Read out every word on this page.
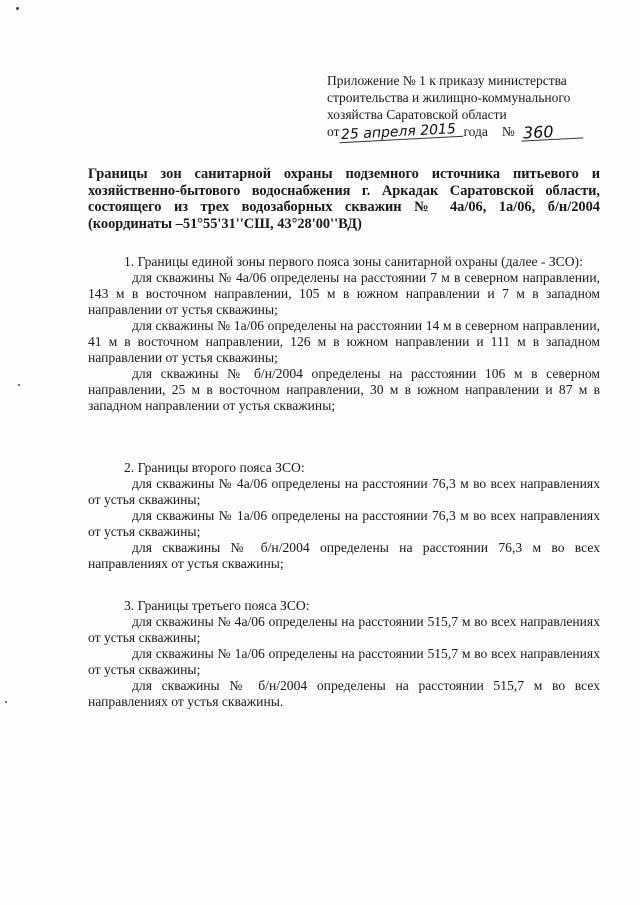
Приложение № 1 к приказу министерства
строительства и жилищно-коммунального
хозяйства Саратовской области
от 25 апреля 2015 года № 360
Границы зон санитарной охраны подземного источника питьевого и
хозяйственно-бытового водоснабжения г. Аркадак Саратовской области,
состоящего из трех водозаборных скважин № 4а/06, 1а/06, б/н/2004
(координаты –51°55'31''СШ, 43°28'00''ВД)

1. Границы единой зоны первого пояса зоны санитарной охраны (далее - ЗСО):

для скважины № 4а/06 определены на расстоянии 7 м в северном направлении, 143 м в восточном направлении, 105 м в южном направлении и 7 м в западном направлении от устья скважины;

для скважины № 1а/06 определены на расстоянии 14 м в северном направлении, 41 м в восточном направлении, 126 м в южном направлении и 111 м в западном направлении от устья скважины;

для скважины № б/н/2004 определены на расстоянии 106 м в северном направлении, 25 м в восточном направлении, 30 м в южном направлении и 87 м в западном направлении от устья скважины;

2. Границы второго пояса ЗСО:

для скважины № 4а/06 определены на расстоянии 76,3 м во всех направлениях от устья скважины;

для скважины № 1а/06 определены на расстоянии 76,3 м во всех направлениях от устья скважины;

для скважины № б/н/2004 определены на расстоянии 76,3 м во всех направлениях от устья скважины;

3. Границы третьего пояса ЗСО:

для скважины № 4а/06 определены на расстоянии 515,7 м во всех направлениях от устья скважины;

для скважины № 1а/06 определены на расстоянии 515,7 м во всех направлениях от устья скважины;

для скважины № б/н/2004 определены на расстоянии 515,7 м во всех направлениях от устья скважины.
